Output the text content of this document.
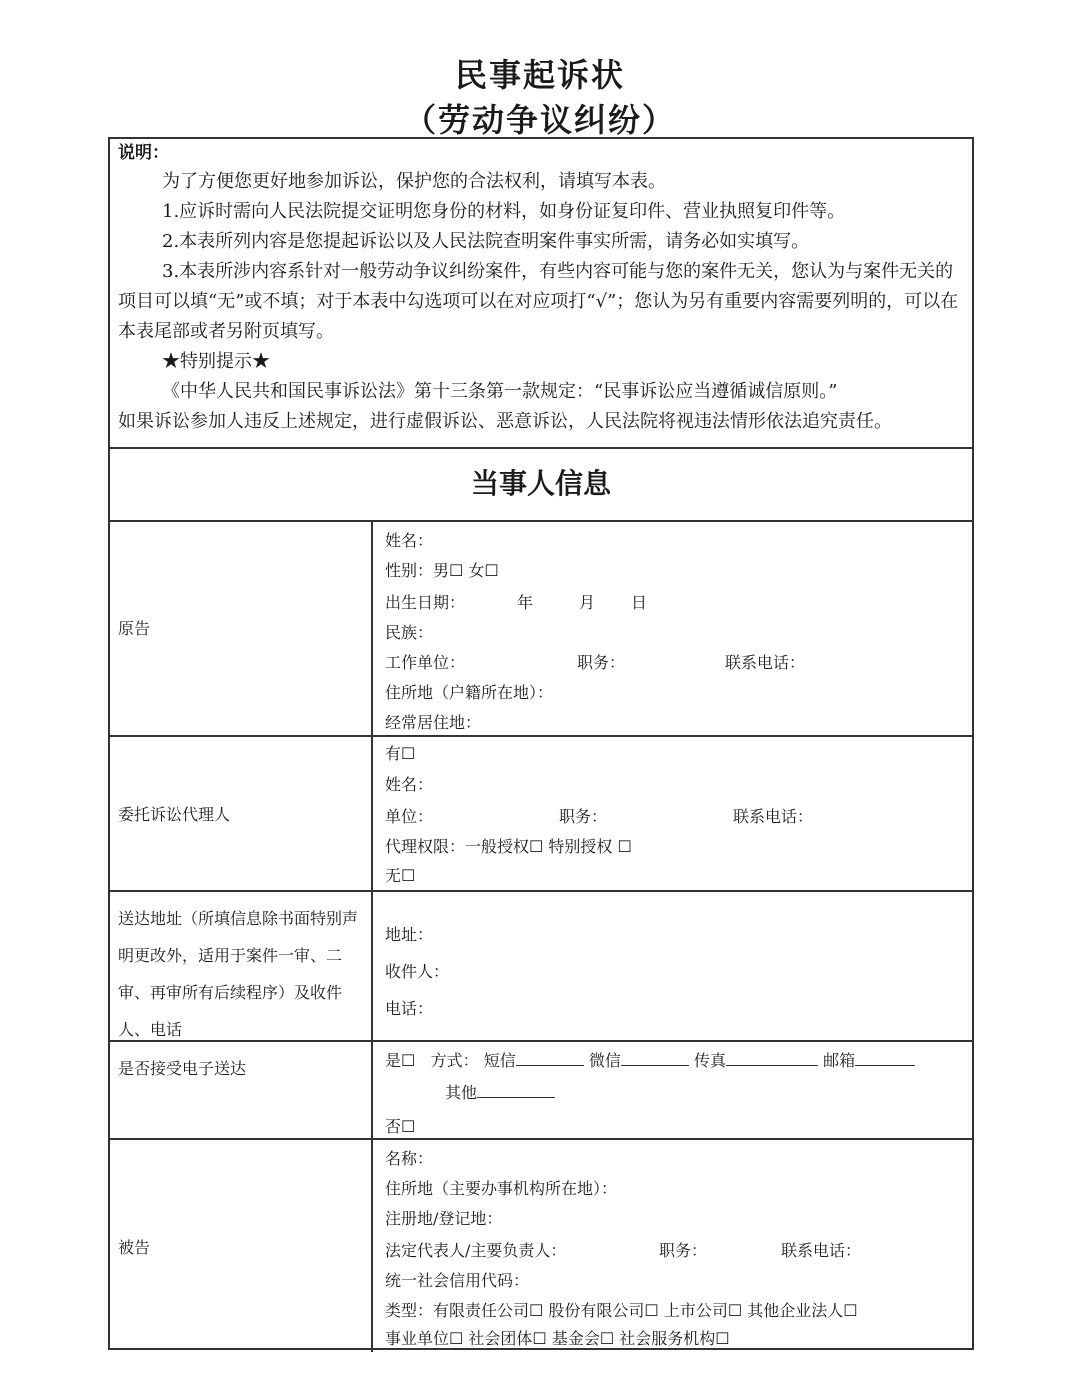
民事起诉状
（劳动争议纠纷）

说明：

为了方便您更好地参加诉讼，保护您的合法权利，请填写本表。

1.应诉时需向人民法院提交证明您身份的材料，如身份证复印件、营业执照复印件等。

2.本表所列内容是您提起诉讼以及人民法院查明案件事实所需，请务必如实填写。

3.本表所涉内容系针对一般劳动争议纠纷案件，有些内容可能与您的案件无关，您认为与案件无关的项目可以填“无”或不填；对于本表中勾选项可以在对应项打“√”；您认为另有重要内容需要列明的，可以在本表尾部或者另附页填写。

★特别提示★

《中华人民共和国民事诉讼法》第十三条第一款规定：“民事诉讼应当遵循诚信原则。”

如果诉讼参加人违反上述规定，进行虚假诉讼、恶意诉讼，人民法院将视违法情形依法追究责任。

当事人信息
原告
姓名：
性别：男☐ 女☐
出生日期：	年	月 日
民族：
工作单位：	职务：	联系电话：
住所地（户籍所在地）：
经常居住地：
委托诉讼代理人
有☐
姓名：
单位：	职务：	联系电话：
代理权限：一般授权☐ 特别授权 ☐
无☐
送达地址（所填信息除书面特别声明更改外，适用于案件一审、二审、再审所有后续程序）及收件人、电话
地址：
收件人：
电话：
是否接受电子送达	是☐ 方式： 短信	微信	传真	邮箱
其他
否☐
被告
名称：
住所地（主要办事机构所在地）：
注册地/登记地：
法定代表人/主要负责人：	职务：	联系电话：
统一社会信用代码：
类型：有限责任公司☐ 股份有限公司☐ 上市公司☐ 其他企业法人☐
事业单位☐ 社会团体☐ 基金会☐ 社会服务机构☐
